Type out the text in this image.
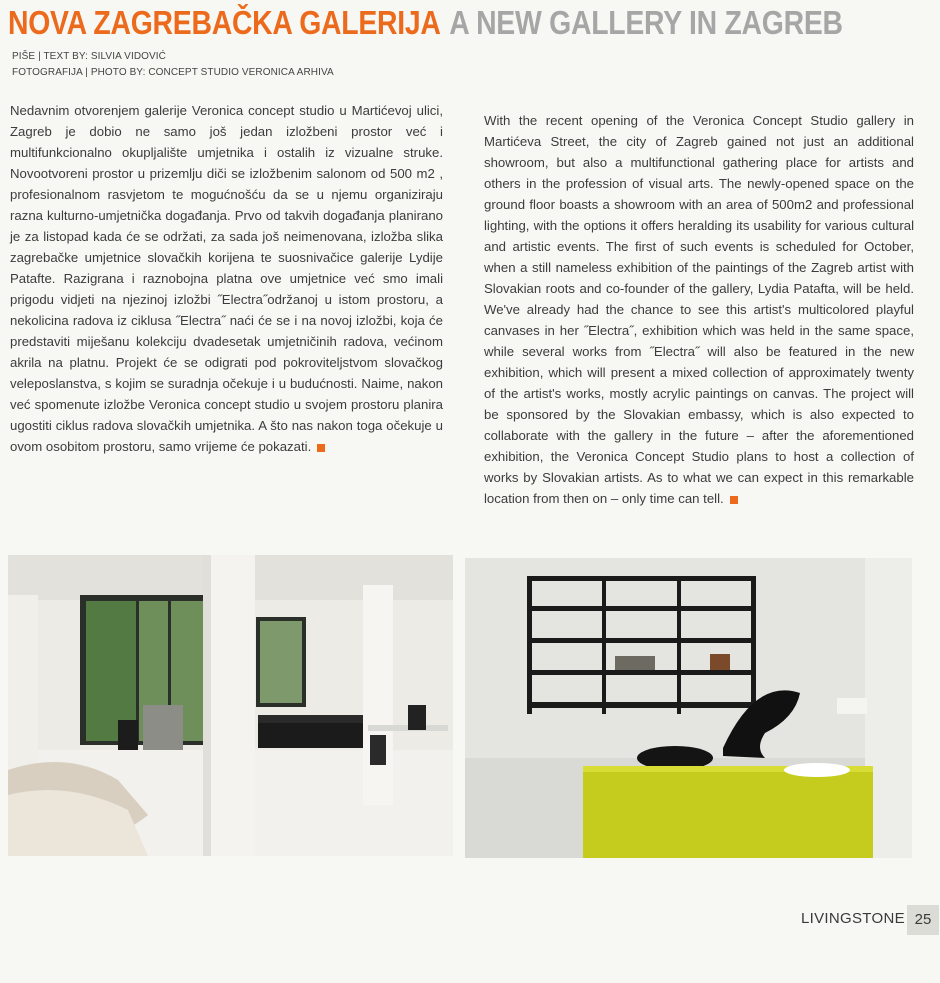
NOVA ZAGREBAČKA GALERIJA A NEW GALLERY IN ZAGREB
PIŠE | TEXT BY: SILVIA VIDOVIĆ
FOTOGRAFIJA | PHOTO BY: CONCEPT STUDIO VERONICA ARHIVA
Nedavnim otvorenjem galerije Veronica concept studio u Martićevoj ulici, Zagreb je dobio ne samo još jedan izložbeni prostor već i multifunkcionalno okupljalište umjetnika i ostalih iz vizualne struke. Novootvoreni prostor u prizemlju diči se izložbenim salonom od 500 m2 , profesionalnom rasvjetom te mogućnošću da se u njemu organiziraju razna kulturno-umjetnička događanja. Prvo od takvih događanja planirano je za listopad kada će se održati, za sada još neimenovana, izložba slika zagrebačke umjetnice slovačkih korijena te suosnivačice galerije Lydije Patafte. Razigrana i raznobojna platna ove umjetnice već smo imali prigodu vidjeti na njezinoj izložbi ˝Electra˝održanoj u istom prostoru, a nekolicina radova iz ciklusa ˝Electra˝ naći će se i na novoj izložbi, koja će predstaviti miješanu kolekciju dvadesetak umjetničinih radova, većinom akrila na platnu. Projekt će se odigrati pod pokroviteljstvom slovačkog veleposlanstva, s kojim se suradnja očekuje i u budućnosti. Naime, nakon već spomenute izložbe Veronica concept studio u svojem prostoru planira ugostiti ciklus radova slovačkih umjetnika. A što nas nakon toga očekuje u ovom osobitom prostoru, samo vrijeme će pokazati.
With the recent opening of the Veronica Concept Studio gallery in Martićeva Street, the city of Zagreb gained not just an additional showroom, but also a multifunctional gathering place for artists and others in the profession of visual arts. The newly-opened space on the ground floor boasts a showroom with an area of 500m2 and professional lighting, with the options it offers heralding its usability for various cultural and artistic events. The first of such events is scheduled for October, when a still nameless exhibition of the paintings of the Zagreb artist with Slovakian roots and co-founder of the gallery, Lydia Patafta, will be held. We've already had the chance to see this artist's multicolored playful canvases in her ˝Electra˝, exhibition which was held in the same space, while several works from ˝Electra˝ will also be featured in the new exhibition, which will present a mixed collection of approximately twenty of the artist's works, mostly acrylic paintings on canvas. The project will be sponsored by the Slovakian embassy, which is also expected to collaborate with the gallery in the future – after the aforementioned exhibition, the Veronica Concept Studio plans to host a collection of works by Slovakian artists. As to what we can expect in this remarkable location from then on – only time can tell.
LIVINGSTONE 25
